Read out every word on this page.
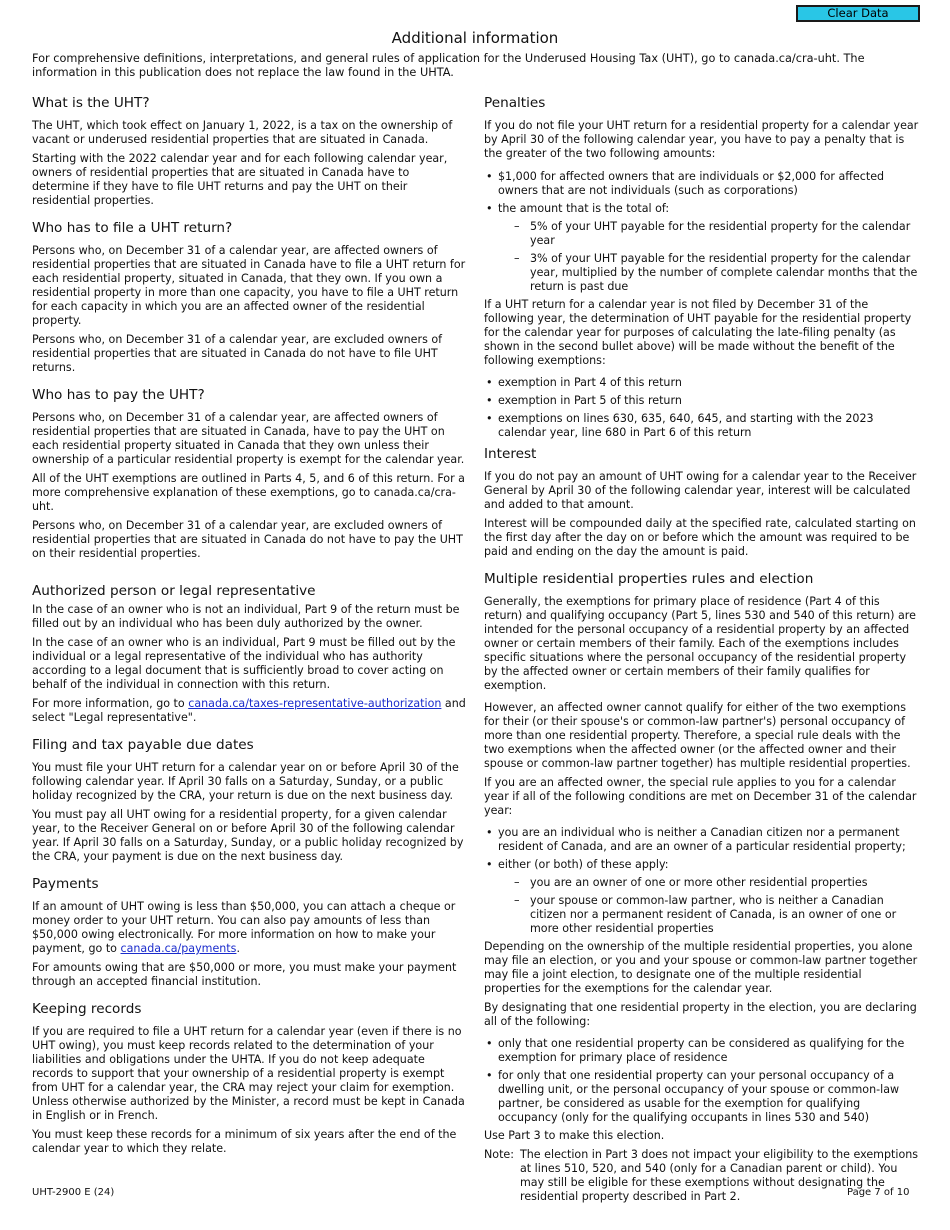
Clear Data
Additional information

For comprehensive definitions, interpretations, and general rules of application for the Underused Housing Tax (UHT), go to canada.ca/cra-uht. The information in this publication does not replace the law found in the UHTA.

What is the UHT?

The UHT, which took effect on January 1, 2022, is a tax on the ownership of vacant or underused residential properties that are situated in Canada.

Starting with the 2022 calendar year and for each following calendar year, owners of residential properties that are situated in Canada have to determine if they have to file UHT returns and pay the UHT on their residential properties.

Who has to file a UHT return?

Persons who, on December 31 of a calendar year, are affected owners of residential properties that are situated in Canada have to file a UHT return for each residential property, situated in Canada, that they own. If you own a residential property in more than one capacity, you have to file a UHT return for each capacity in which you are an affected owner of the residential property.

Persons who, on December 31 of a calendar year, are excluded owners of residential properties that are situated in Canada do not have to file UHT returns.

Who has to pay the UHT?

Persons who, on December 31 of a calendar year, are affected owners of residential properties that are situated in Canada, have to pay the UHT on each residential property situated in Canada that they own unless their ownership of a particular residential property is exempt for the calendar year.

All of the UHT exemptions are outlined in Parts 4, 5, and 6 of this return. For a more comprehensive explanation of these exemptions, go to canada.ca/cra-uht.

Persons who, on December 31 of a calendar year, are excluded owners of residential properties that are situated in Canada do not have to pay the UHT on their residential properties.

Authorized person or legal representative

In the case of an owner who is not an individual, Part 9 of the return must be filled out by an individual who has been duly authorized by the owner.

In the case of an owner who is an individual, Part 9 must be filled out by the individual or a legal representative of the individual who has authority according to a legal document that is sufficiently broad to cover acting on behalf of the individual in connection with this return.

For more information, go to canada.ca/taxes-representative-authorization and select "Legal representative".

Filing and tax payable due dates

You must file your UHT return for a calendar year on or before April 30 of the following calendar year. If April 30 falls on a Saturday, Sunday, or a public holiday recognized by the CRA, your return is due on the next business day.

You must pay all UHT owing for a residential property, for a given calendar year, to the Receiver General on or before April 30 of the following calendar year. If April 30 falls on a Saturday, Sunday, or a public holiday recognized by the CRA, your payment is due on the next business day.

Payments

If an amount of UHT owing is less than $50,000, you can attach a cheque or money order to your UHT return. You can also pay amounts of less than $50,000 owing electronically. For more information on how to make your payment, go to canada.ca/payments.

For amounts owing that are $50,000 or more, you must make your payment through an accepted financial institution.

Keeping records

If you are required to file a UHT return for a calendar year (even if there is no UHT owing), you must keep records related to the determination of your liabilities and obligations under the UHTA. If you do not keep adequate records to support that your ownership of a residential property is exempt from UHT for a calendar year, the CRA may reject your claim for exemption. Unless otherwise authorized by the Minister, a record must be kept in Canada in English or in French.

You must keep these records for a minimum of six years after the end of the calendar year to which they relate.

Penalties

If you do not file your UHT return for a residential property for a calendar year by April 30 of the following calendar year, you have to pay a penalty that is the greater of the two following amounts:

• $1,000 for affected owners that are individuals or $2,000 for affected owners that are not individuals (such as corporations)
• the amount that is the total of:
– 5% of your UHT payable for the residential property for the calendar year
– 3% of your UHT payable for the residential property for the calendar year, multiplied by the number of complete calendar months that the return is past due

If a UHT return for a calendar year is not filed by December 31 of the following year, the determination of UHT payable for the residential property for the calendar year for purposes of calculating the late-filing penalty (as shown in the second bullet above) will be made without the benefit of the following exemptions:

• exemption in Part 4 of this return
• exemption in Part 5 of this return
• exemptions on lines 630, 635, 640, 645, and starting with the 2023 calendar year, line 680 in Part 6 of this return
Interest

If you do not pay an amount of UHT owing for a calendar year to the Receiver General by April 30 of the following calendar year, interest will be calculated and added to that amount.

Interest will be compounded daily at the specified rate, calculated starting on the first day after the day on or before which the amount was required to be paid and ending on the day the amount is paid.

Multiple residential properties rules and election

Generally, the exemptions for primary place of residence (Part 4 of this return) and qualifying occupancy (Part 5, lines 530 and 540 of this return) are intended for the personal occupancy of a residential property by an affected owner or certain members of their family. Each of the exemptions includes specific situations where the personal occupancy of the residential property by the affected owner or certain members of their family qualifies for exemption.

However, an affected owner cannot qualify for either of the two exemptions for their (or their spouse's or common-law partner's) personal occupancy of more than one residential property. Therefore, a special rule deals with the two exemptions when the affected owner (or the affected owner and their spouse or common-law partner together) has multiple residential properties.

If you are an affected owner, the special rule applies to you for a calendar year if all of the following conditions are met on December 31 of the calendar year:

• you are an individual who is neither a Canadian citizen nor a permanent resident of Canada, and are an owner of a particular residential property;
• either (or both) of these apply:
– you are an owner of one or more other residential properties
– your spouse or common-law partner, who is neither a Canadian citizen nor a permanent resident of Canada, is an owner of one or more other residential properties

Depending on the ownership of the multiple residential properties, you alone may file an election, or you and your spouse or common-law partner together may file a joint election, to designate one of the multiple residential properties for the exemptions for the calendar year.

By designating that one residential property in the election, you are declaring all of the following:

• only that one residential property can be considered as qualifying for the exemption for primary place of residence
• for only that one residential property can your personal occupancy of a dwelling unit, or the personal occupancy of your spouse or common-law partner, be considered as usable for the exemption for qualifying occupancy (only for the qualifying occupants in lines 530 and 540)

Use Part 3 to make this election.

Note: The election in Part 3 does not impact your eligibility to the exemptions at lines 510, 520, and 540 (only for a Canadian parent or child). You may still be eligible for these exemptions without designating the residential property described in Part 2.
UHT-2900 E (24)	Page 7 of 10
